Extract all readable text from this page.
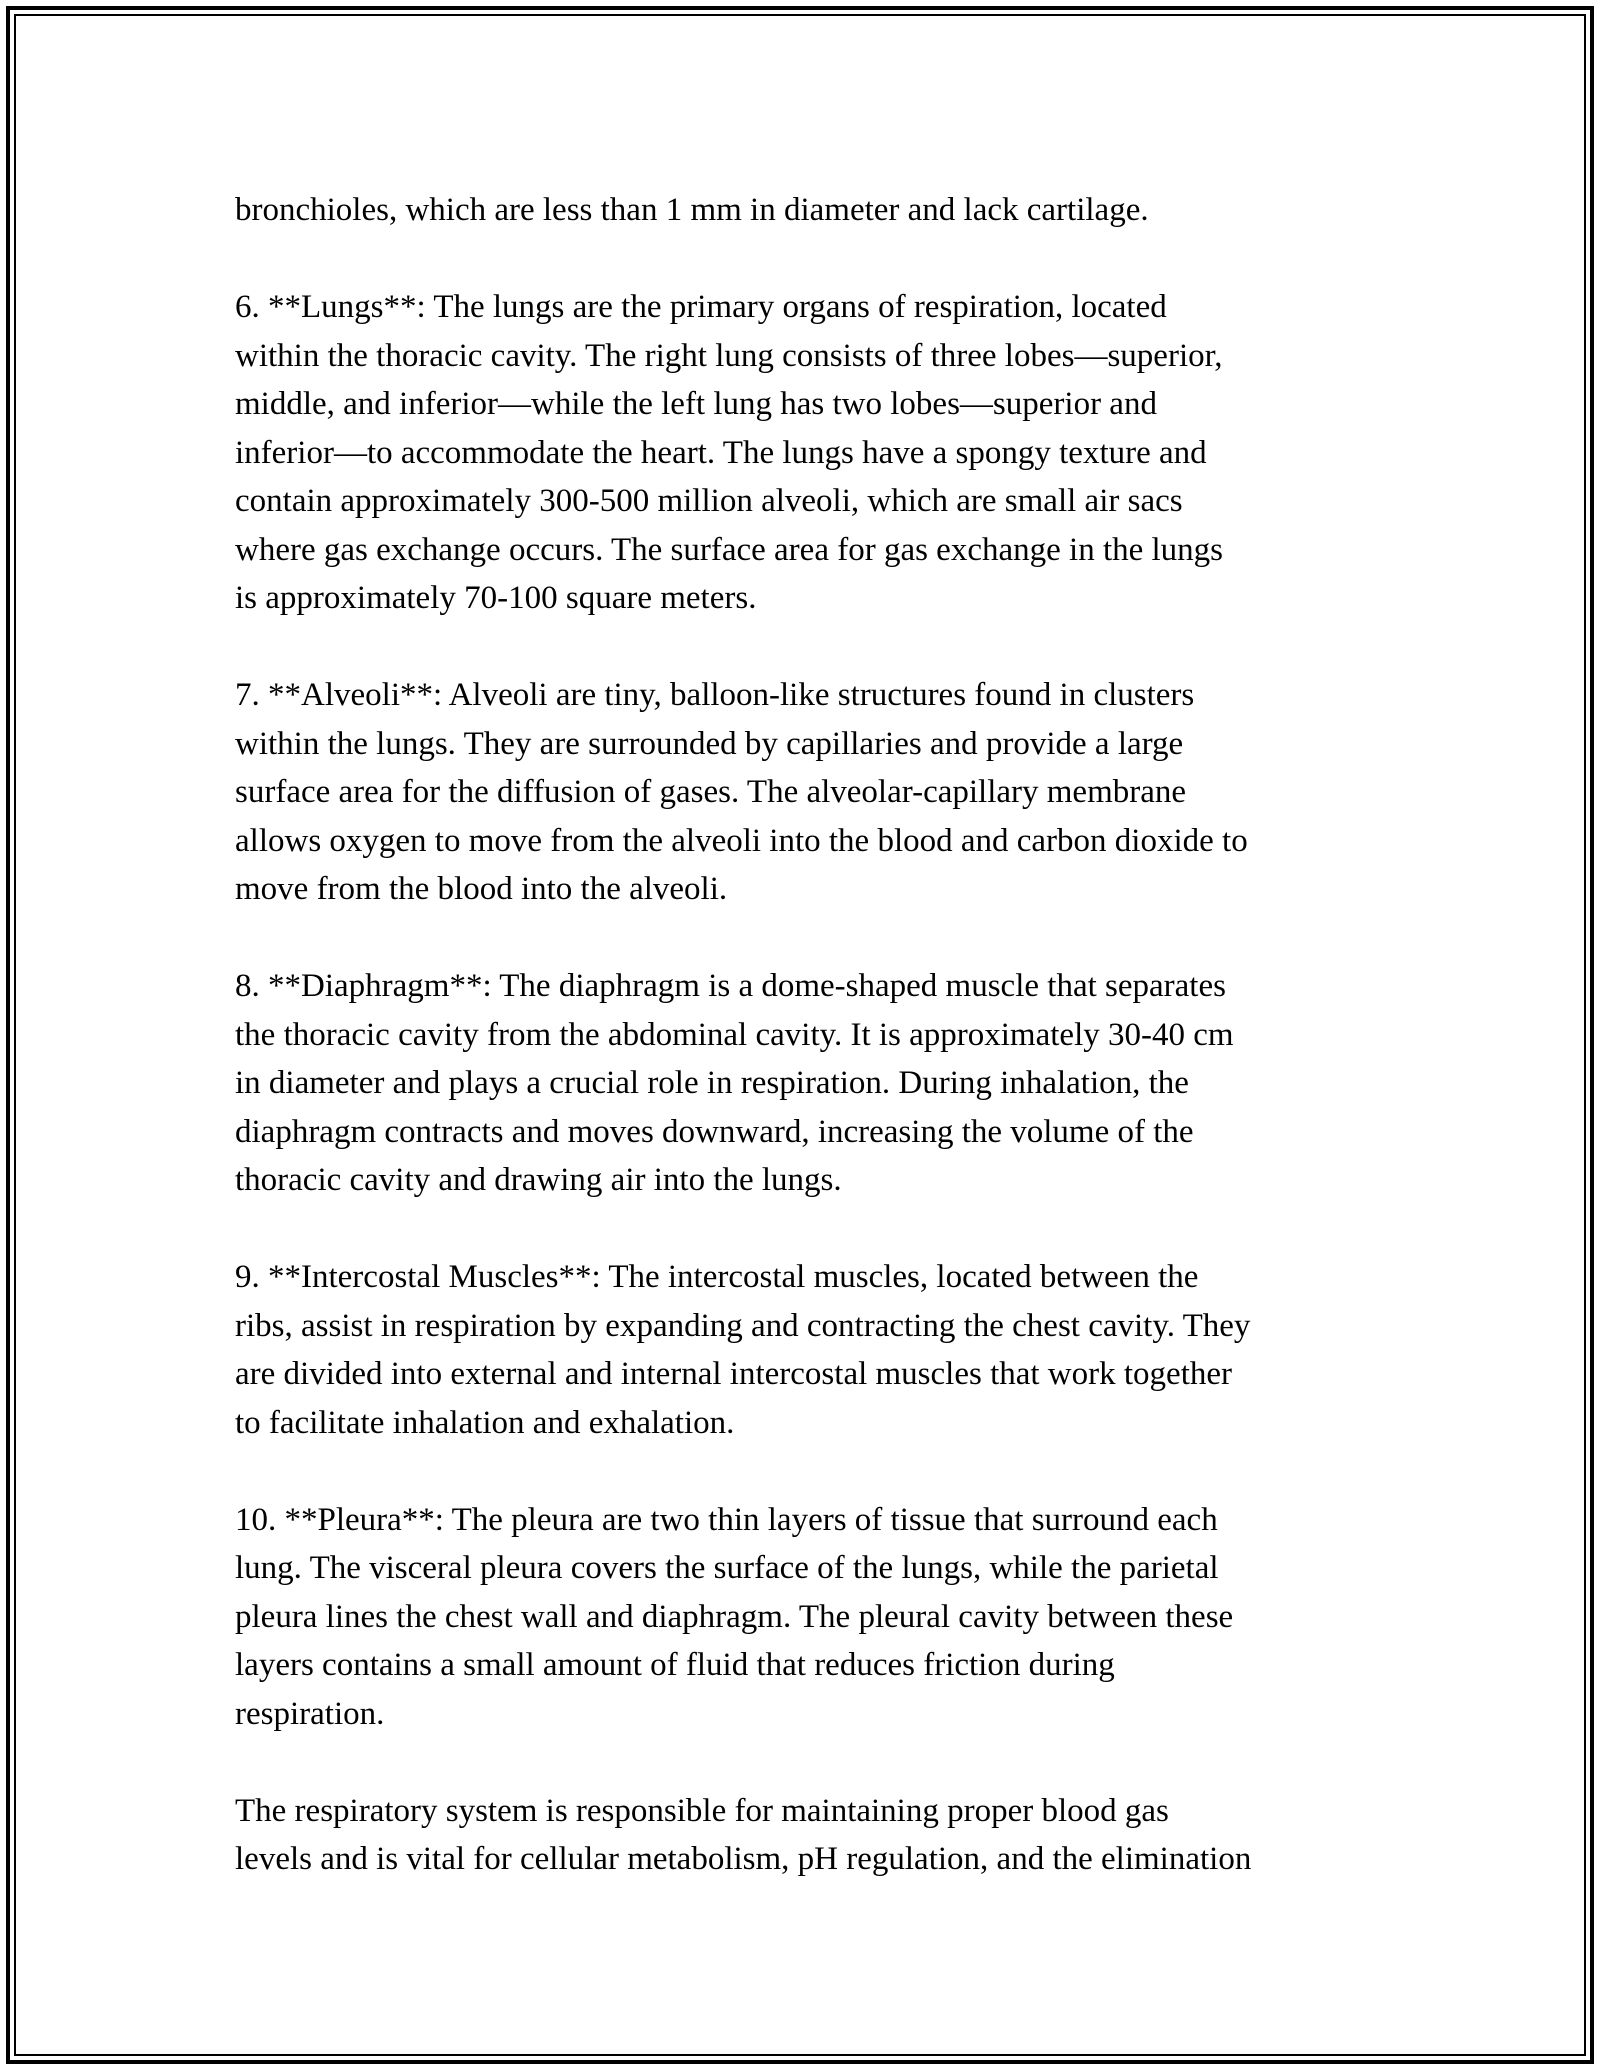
bronchioles, which are less than 1 mm in diameter and lack cartilage.

6. **Lungs**: The lungs are the primary organs of respiration, located
within the thoracic cavity. The right lung consists of three lobes—superior,
middle, and inferior—while the left lung has two lobes—superior and
inferior—to accommodate the heart. The lungs have a spongy texture and
contain approximately 300-500 million alveoli, which are small air sacs
where gas exchange occurs. The surface area for gas exchange in the lungs
is approximately 70-100 square meters.

7. **Alveoli**: Alveoli are tiny, balloon-like structures found in clusters
within the lungs. They are surrounded by capillaries and provide a large
surface area for the diffusion of gases. The alveolar-capillary membrane
allows oxygen to move from the alveoli into the blood and carbon dioxide to
move from the blood into the alveoli.

8. **Diaphragm**: The diaphragm is a dome-shaped muscle that separates
the thoracic cavity from the abdominal cavity. It is approximately 30-40 cm
in diameter and plays a crucial role in respiration. During inhalation, the
diaphragm contracts and moves downward, increasing the volume of the
thoracic cavity and drawing air into the lungs.

9. **Intercostal Muscles**: The intercostal muscles, located between the
ribs, assist in respiration by expanding and contracting the chest cavity. They
are divided into external and internal intercostal muscles that work together
to facilitate inhalation and exhalation.

10. **Pleura**: The pleura are two thin layers of tissue that surround each
lung. The visceral pleura covers the surface of the lungs, while the parietal
pleura lines the chest wall and diaphragm. The pleural cavity between these
layers contains a small amount of fluid that reduces friction during
respiration.

The respiratory system is responsible for maintaining proper blood gas
levels and is vital for cellular metabolism, pH regulation, and the elimination
